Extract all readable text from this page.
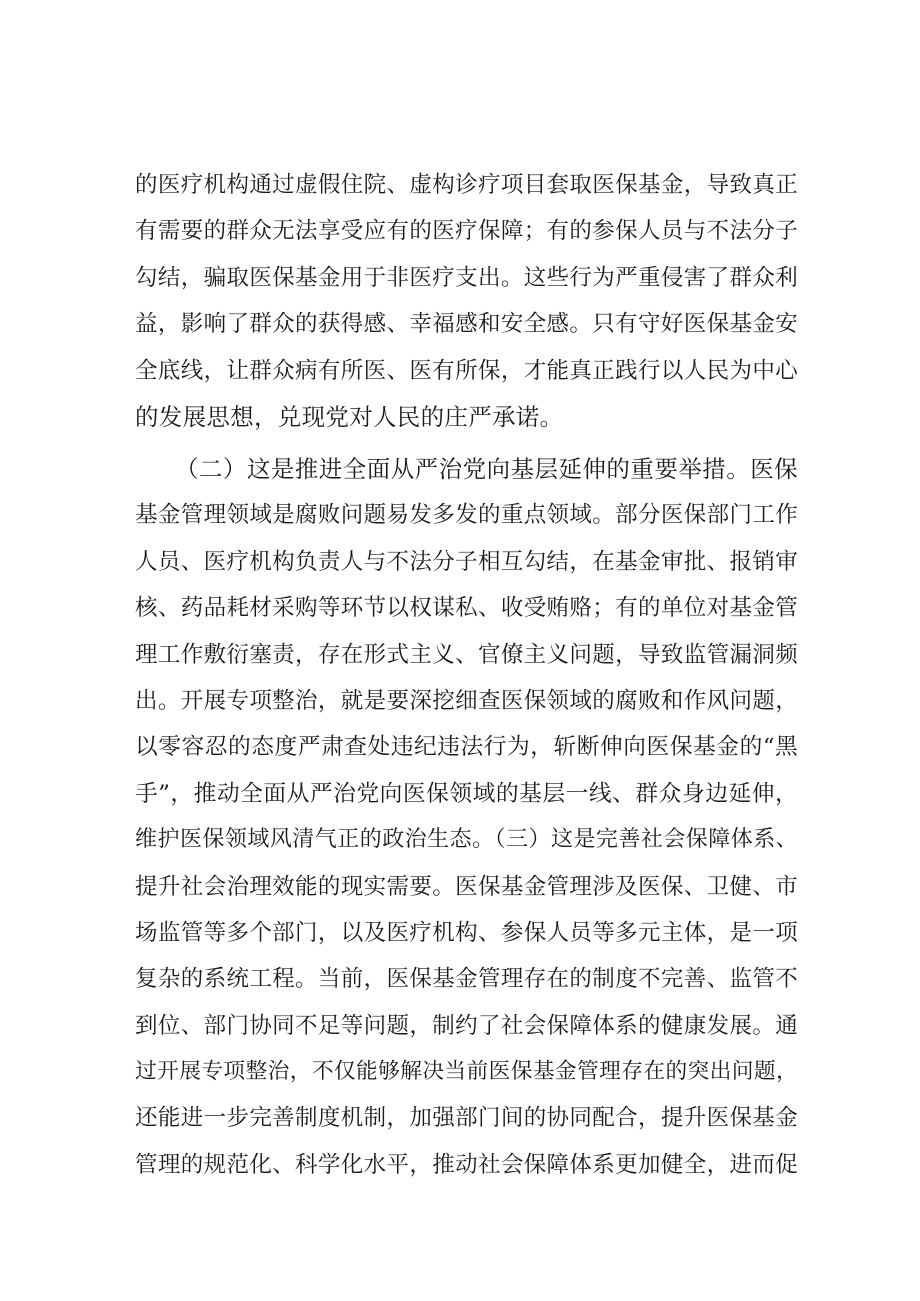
的医疗机构通过虚假住院、虚构诊疗项目套取医保基金，导致真正
有需要的群众无法享受应有的医疗保障；有的参保人员与不法分子
勾结，骗取医保基金用于非医疗支出。这些行为严重侵害了群众利
益，影响了群众的获得感、幸福感和安全感。只有守好医保基金安
全底线，让群众病有所医、医有所保，才能真正践行以人民为中心
的发展思想，兑现党对人民的庄严承诺。
（二）这是推进全面从严治党向基层延伸的重要举措。医保
基金管理领域是腐败问题易发多发的重点领域。部分医保部门工作
人员、医疗机构负责人与不法分子相互勾结，在基金审批、报销审
核、药品耗材采购等环节以权谋私、收受贿赂；有的单位对基金管
理工作敷衍塞责，存在形式主义、官僚主义问题，导致监管漏洞频
出。开展专项整治，就是要深挖细查医保领域的腐败和作风问题，
以零容忍的态度严肃查处违纪违法行为，斩断伸向医保基金的“黑
手”，推动全面从严治党向医保领域的基层一线、群众身边延伸，
维护医保领域风清气正的政治生态。（三）这是完善社会保障体系、
提升社会治理效能的现实需要。医保基金管理涉及医保、卫健、市
场监管等多个部门，以及医疗机构、参保人员等多元主体，是一项
复杂的系统工程。当前，医保基金管理存在的制度不完善、监管不
到位、部门协同不足等问题，制约了社会保障体系的健康发展。通
过开展专项整治，不仅能够解决当前医保基金管理存在的突出问题，
还能进一步完善制度机制，加强部门间的协同配合，提升医保基金
管理的规范化、科学化水平，推动社会保障体系更加健全，进而促
